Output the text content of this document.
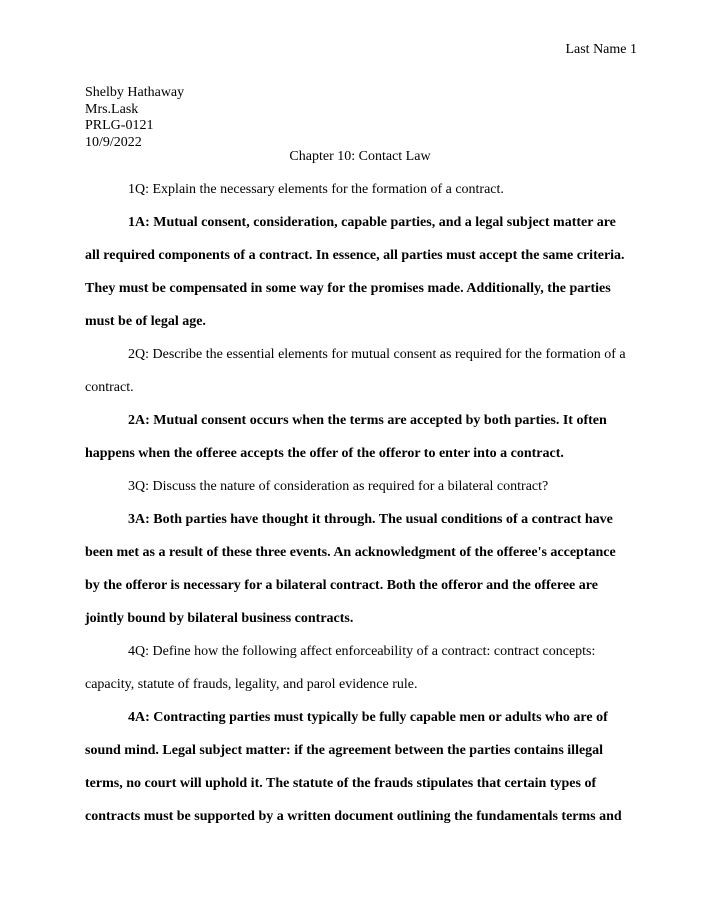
Last Name 1
Shelby Hathaway
Mrs.Lask
PRLG-0121
10/9/2022
Chapter 10: Contact Law

1Q: Explain the necessary elements for the formation of a contract.

1A: Mutual consent, consideration, capable parties, and a legal subject matter are
all required components of a contract. In essence, all parties must accept the same criteria.
They must be compensated in some way for the promises made. Additionally, the parties
must be of legal age.

2Q: Describe the essential elements for mutual consent as required for the formation of a
contract.

2A: Mutual consent occurs when the terms are accepted by both parties. It often
happens when the offeree accepts the offer of the offeror to enter into a contract.

3Q: Discuss the nature of consideration as required for a bilateral contract?

3A: Both parties have thought it through. The usual conditions of a contract have
been met as a result of these three events. An acknowledgment of the offeree's acceptance
by the offeror is necessary for a bilateral contract. Both the offeror and the offeree are
jointly bound by bilateral business contracts.

4Q: Define how the following affect enforceability of a contract: contract concepts:
capacity, statute of frauds, legality, and parol evidence rule.

4A: Contracting parties must typically be fully capable men or adults who are of
sound mind. Legal subject matter: if the agreement between the parties contains illegal
terms, no court will uphold it. The statute of the frauds stipulates that certain types of
contracts must be supported by a written document outlining the fundamentals terms and
